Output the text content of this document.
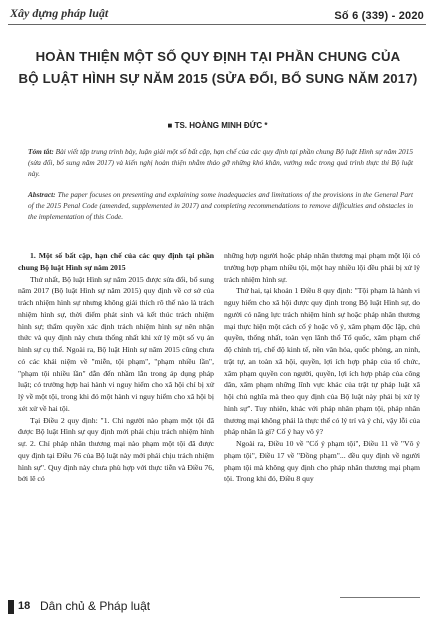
Xây dựng pháp luật	Số 6 (339) - 2020
HOÀN THIỆN MỘT SỐ QUY ĐỊNH TẠI PHẦN CHUNG CỦA
BỘ LUẬT HÌNH SỰ NĂM 2015 (SỬA ĐỔI, BỔ SUNG NĂM 2017)
■ TS. HOÀNG MINH ĐỨC *
Tóm tắt: Bài viết tập trung trình bày, luận giải một số bất cập, hạn chế của các quy định tại phần chung Bộ luật Hình sự năm 2015 (sửa đổi, bổ sung năm 2017) và kiến nghị hoàn thiện nhằm tháo gỡ những khó khăn, vướng mắc trong quá trình thực thi Bộ luật này.
Abstract: The paper focuses on presenting and explaining some inadequacies and limitations of the provisions in the General Part of the 2015 Penal Code (amended, supplemented in 2017) and completing recommendations to remove difficulties and obstacles in the implementation of this Code.

1. Một số bất cập, hạn chế của các quy định tại phần chung Bộ luật Hình sự năm 2015

Thứ nhất, Bộ luật Hình sự năm 2015 được sửa đổi, bổ sung năm 2017 (Bộ luật Hình sự năm 2015) quy định về cơ sở của trách nhiệm hình sự nhưng không giải thích rõ thế nào là trách nhiệm hình sự, thời điểm phát sinh và kết thúc trách nhiệm hình sự; thẩm quyền xác định trách nhiệm hình sự nên nhận thức và quy định này chưa thống nhất khi xử lý một số vụ án hình sự cụ thể. Ngoài ra, Bộ luật Hình sự năm 2015 cũng chưa có các khái niệm về "miễn, tội phạm", "phạm nhiều lần", "phạm tội nhiều lần" dẫn đến nhầm lẫn trong áp dụng pháp luật; có trường hợp hai hành vi nguy hiểm cho xã hội chỉ bị xử lý về một tội, trong khi đó một hành vi nguy hiểm cho xã hội bị xét xử về hai tội.

Tại Điều 2 quy định: "1. Chỉ người nào phạm một tội đã được Bộ luật Hình sự quy định mới phải chịu trách nhiệm hình sự. 2. Chỉ pháp nhân thương mại nào phạm một tội đã được quy định tại Điều 76 của Bộ luật này mới phải chịu trách nhiệm hình sự". Quy định này chưa phù hợp với thực tiễn và Điều 76, bởi lẽ có

những hợp người hoặc pháp nhân thương mại phạm một lội có trường hợp phạm nhiều tội, một hay nhiều lội đều phải bị xử lý trách nhiệm hình sự.

Thứ hai, tại khoản 1 Điều 8 quy định: "Tội phạm là hành vi nguy hiểm cho xã hội được quy định trong Bộ luật Hình sự, do người có năng lực trách nhiệm hình sự hoặc pháp nhân thương mại thực hiện một cách cố ý hoặc vô ý, xâm phạm độc lập, chủ quyền, thống nhất, toàn vẹn lãnh thổ Tổ quốc, xâm phạm chế độ chính trị, chế độ kinh tế, nền văn hóa, quốc phòng, an ninh, trật tự, an toàn xã hội, quyền, lợi ích hợp pháp của tổ chức, xâm phạm quyền con người, quyền, lợi ích hợp pháp của công dân, xâm phạm những lĩnh vực khác của trật tự pháp luật xã hội chủ nghĩa mà theo quy định của Bộ luật này phải bị xử lý hình sự". Tuy nhiên, khác với pháp nhân phạm tội, pháp nhân thương mại không phải là thực thể có lý trí và ý chí, vậy lỗi của pháp nhân là gì? Cố ý hay vô ý?

Ngoài ra, Điều 10 về "Cố ý phạm tội", Điều 11 về "Vô ý phạm tội", Điều 17 về "Đồng phạm"... đều quy định về người phạm tội mà không quy định cho pháp nhân thương mại phạm tội. Trong khi đó, Điều 8 quy

18 Dân chủ & Pháp luật
